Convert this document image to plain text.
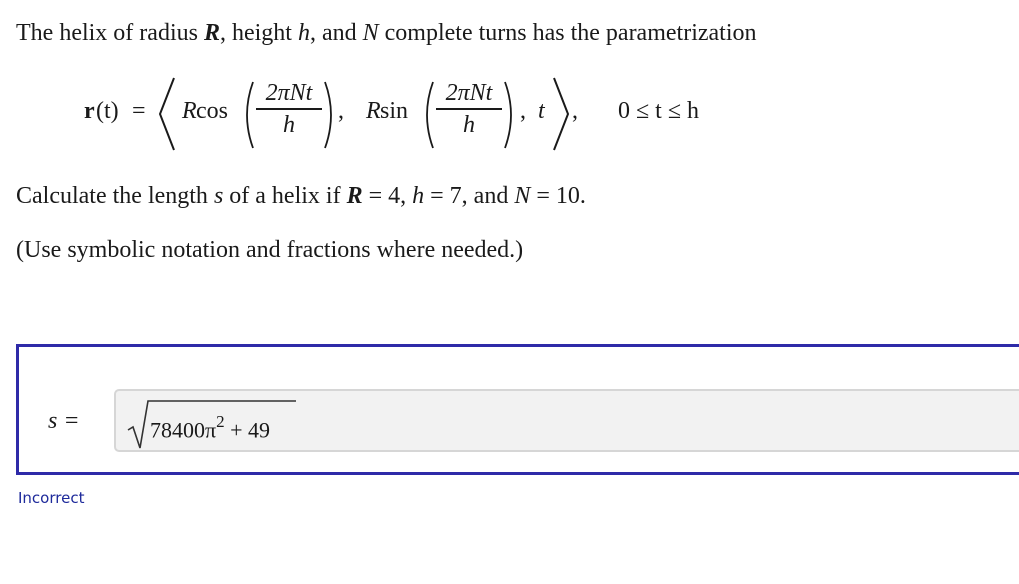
The helix of radius R, height h, and N complete turns has the parametrization
r (t) = R cos
2πNt
h
, R sin
2πNt
h
, t , 0 ≤ t ≤ h
Calculate the length s of a helix if R = 4, h = 7, and N = 10.
(Use symbolic notation and fractions where needed.)
s =	$78400\pi^2 + 49$
Incorrect
